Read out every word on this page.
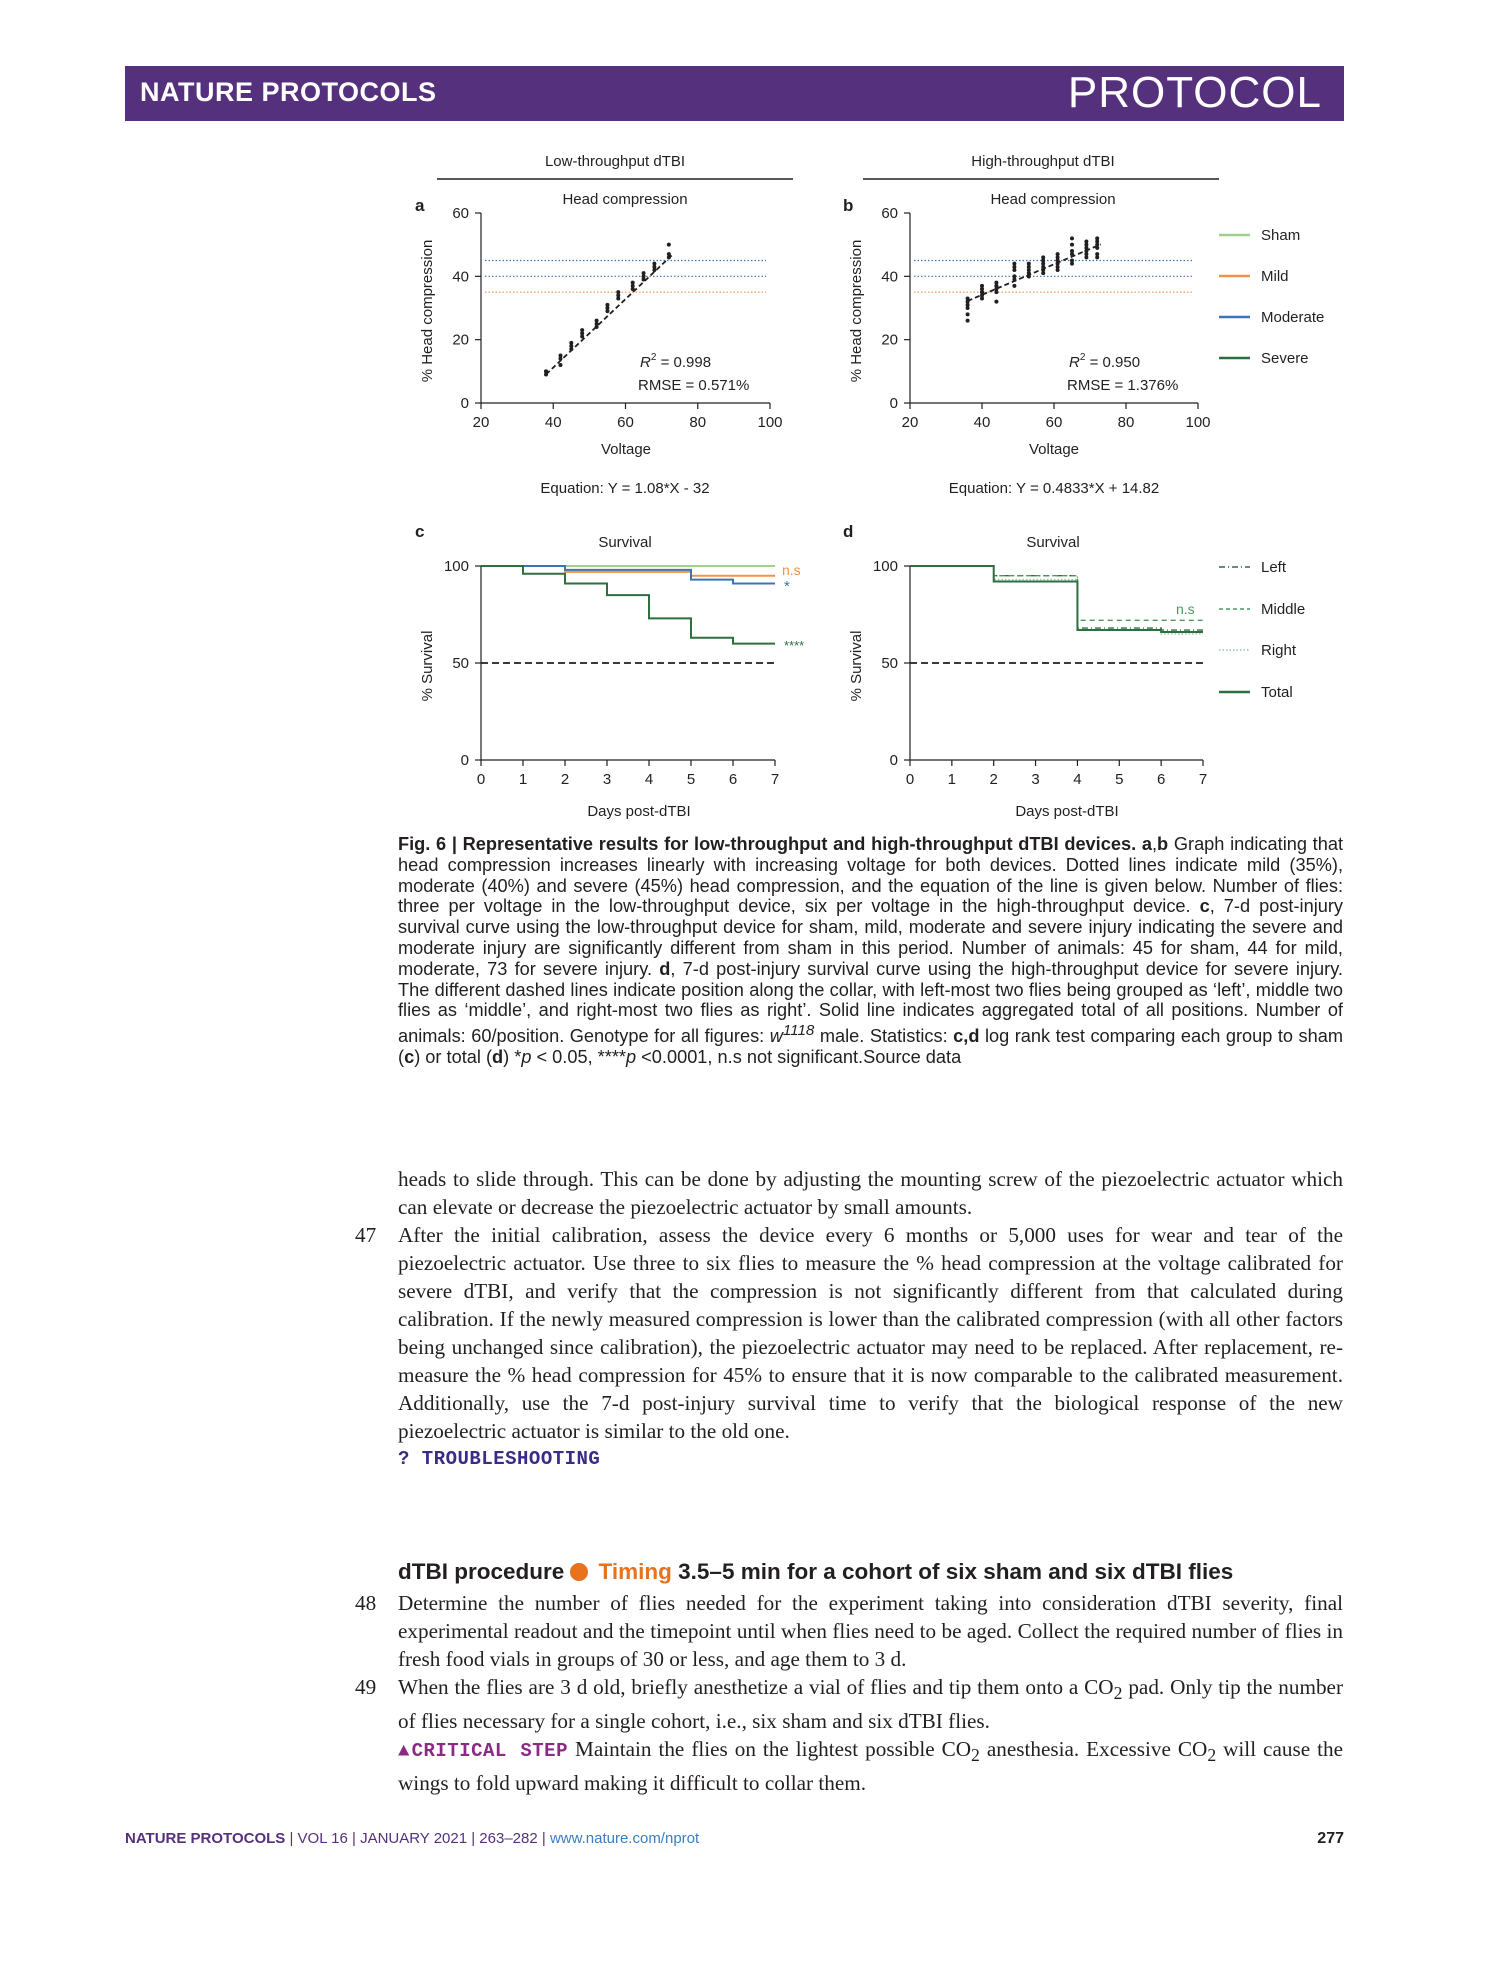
NATURE PROTOCOLS	PROTOCOL
Low-throughput dTBI	High-throughput dTBI
a	b
c	d
Head compression	Head compression
Survival	Survival
% Head compression	% Head compression
% Survival	% Survival
Voltage	Voltage
Days post-dTBI	Days post-dTBI
$R^2 = 0.998$
RMSE = 0.571%
$R^2 = 0.950$
RMSE = 1.376%
Equation: Y = 1.08*X - 32	Equation: Y = 0.4833*X + 14.82
n.s
*
****
n.s
Sham
Mild
Moderate
Severe
Left
Middle
Right
Total
20	40	60	80	100
0
20
40
60
20	40	60	80	100
0
20
40
60
0 1 2 3 4 5 6 7
0
50
100
0 1 2 3 4 5 6 7
0
50
100
Fig. 6 | Representative results for low-throughput and high-throughput dTBI devices. a,b Graph indicating that head compression increases linearly with increasing voltage for both devices. Dotted lines indicate mild (35%), moderate (40%) and severe (45%) head compression, and the equation of the line is given below. Number of flies: three per voltage in the low-throughput device, six per voltage in the high-throughput device. c, 7-d post-injury survival curve using the low-throughput device for sham, mild, moderate and severe injury indicating the severe and moderate injury are significantly different from sham in this period. Number of animals: 45 for sham, 44 for mild, moderate, 73 for severe injury. d, 7-d post-injury survival curve using the high-throughput device for severe injury. The different dashed lines indicate position along the collar, with left-most two flies being grouped as ‘left’, middle two flies as ‘middle’, and right-most two flies as right’. Solid line indicates aggregated total of all positions. Number of animals: 60/position. Genotype for all figures: $w^{1118}$ male. Statistics: c,d log rank test comparing each group to sham (c) or total (d) *p < 0.05, ****p <0.0001, n.s not significant.Source data

heads to slide through. This can be done by adjusting the mounting screw of the piezoelectric actuator which can elevate or decrease the piezoelectric actuator by small amounts.

47 After the initial calibration, assess the device every 6 months or 5,000 uses for wear and tear of the piezoelectric actuator. Use three to six flies to measure the % head compression at the voltage calibrated for severe dTBI, and verify that the compression is not significantly different from that calculated during calibration. If the newly measured compression is lower than the calibrated compression (with all other factors being unchanged since calibration), the piezoelectric actuator may need to be replaced. After replacement, re-measure the % head compression for 45% to ensure that it is now comparable to the calibrated measurement. Additionally, use the 7-d post-injury survival time to verify that the biological response of the new piezoelectric actuator is similar to the old one.
? TROUBLESHOOTING
dTBI procedure Timing 3.5–5 min for a cohort of six sham and six dTBI flies
48 Determine the number of flies needed for the experiment taking into consideration dTBI severity, final experimental readout and the timepoint until when flies need to be aged. Collect the required number of flies in fresh food vials in groups of 30 or less, and age them to 3 d.
49 When the flies are 3 d old, briefly anesthetize a vial of flies and tip them onto a $CO_2$ pad. Only tip the number of flies necessary for a single cohort, i.e., six sham and six dTBI flies.
▲CRITICAL STEP Maintain the flies on the lightest possible $CO_2$ anesthesia. Excessive $CO_2$ will cause the wings to fold upward making it difficult to collar them.
NATURE PROTOCOLS | VOL 16 | JANUARY 2021 | 263–282 | www.nature.com/nprot	277
